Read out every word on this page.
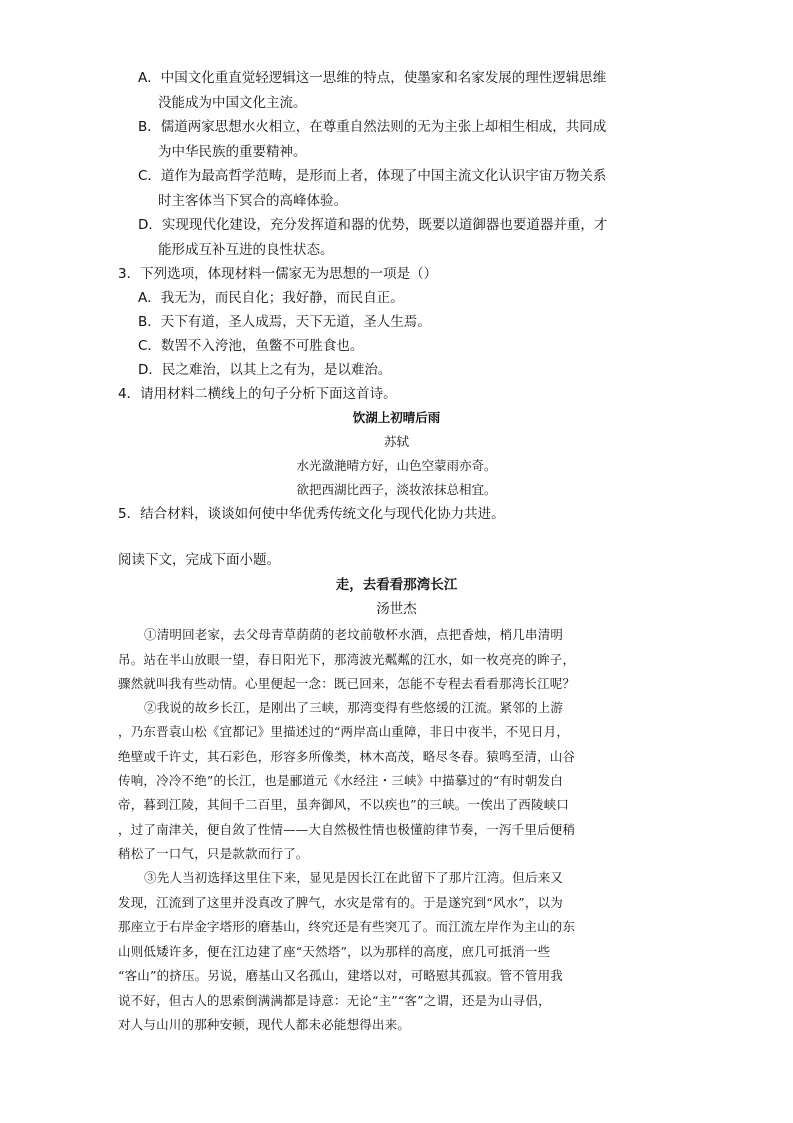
A．中国文化重直觉轻逻辑这一思维的特点，使墨家和名家发展的理性逻辑思维
没能成为中国文化主流。
B．儒道两家思想水火相立，在尊重自然法则的无为主张上却相生相成，共同成
为中华民族的重要精神。
C．道作为最高哲学范畴，是形而上者，体现了中国主流文化认识宇宙万物关系
时主客体当下冥合的高峰体验。
D．实现现代化建设，充分发挥道和器的优势，既要以道御器也要道器并重，才
能形成互补互进的良性状态。
3．下列选项，体现材料一儒家无为思想的一项是（）
A．我无为，而民自化；我好静，而民自正。
B．天下有道，圣人成焉，天下无道，圣人生焉。
C．数罟不入洿池，鱼鳖不可胜食也。
D．民之难治，以其上之有为，是以难治。
4．请用材料二横线上的句子分析下面这首诗。
饮湖上初晴后雨
苏轼
水光潋滟晴方好，山色空蒙雨亦奇。
欲把西湖比西子，淡妆浓抹总相宜。
5．结合材料，谈谈如何使中华优秀传统文化与现代化协力共进。
阅读下文，完成下面小题。
走，去看看那湾长江
汤世杰
①清明回老家，去父母青草荫荫的老坟前敬杯水酒，点把香烛，梢几串清明
吊。站在半山放眼一望，春日阳光下，那湾波光粼粼的江水，如一枚亮亮的眸子，
骤然就叫我有些动情。心里便起一念：既已回来，怎能不专程去看看那湾长江呢？
②我说的故乡长江，是刚出了三峡，那湾变得有些悠缓的江流。紧邻的上游
，乃东晋袁山松《宜都记》里描述过的“两岸高山重障，非日中夜半，不见日月，
绝壁或千许丈，其石彩色，形容多所像类，林木高茂，略尽冬春。猿鸣至清，山谷
传响，冷冷不绝”的长江，也是郦道元《水经注・三峡》中描摹过的“有时朝发白
帝，暮到江陵，其间千二百里，虽奔御风，不以疾也”的三峡。一俟出了西陵峡口
，过了南津关，便自敛了性情——大自然极性情也极懂韵律节奏，一泻千里后便稍
稍松了一口气，只是款款而行了。
③先人当初选择这里住下来，显见是因长江在此留下了那片江湾。但后来又
发现，江流到了这里并没真改了脾气，水灾是常有的。于是遂究到“风水”，以为
那座立于右岸金字塔形的磨基山，终究还是有些突兀了。而江流左岸作为主山的东
山则低矮许多，便在江边建了座“天然塔”，以为那样的高度，庶几可抵消一些
“客山”的挤压。另说，磨基山又名孤山，建塔以对，可略慰其孤寂。管不管用我
说不好，但古人的思索倒满满都是诗意：无论“主”“客”之谓，还是为山寻侣，
对人与山川的那种安顿，现代人都未必能想得出来。
